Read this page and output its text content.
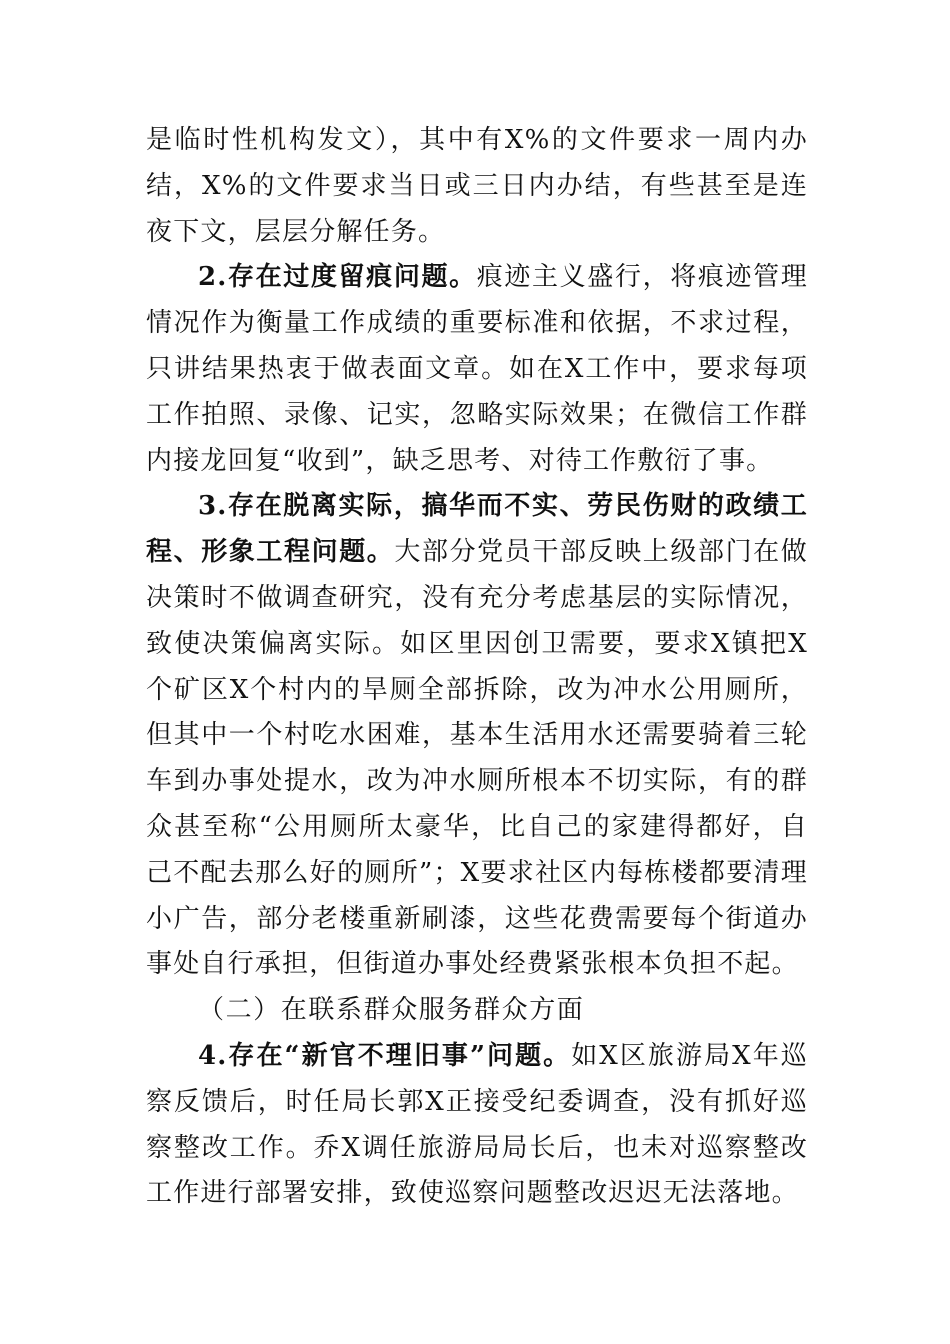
是临时性机构发文），其中有X%的文件要求一周内办结，X%的文件要求当日或三日内办结，有些甚至是连夜下文，层层分解任务。

2.存在过度留痕问题。痕迹主义盛行，将痕迹管理情况作为衡量工作成绩的重要标准和依据，不求过程，只讲结果热衷于做表面文章。如在X工作中，要求每项工作拍照、录像、记实，忽略实际效果；在微信工作群内接龙回复“收到”，缺乏思考、对待工作敷衍了事。

3.存在脱离实际，搞华而不实、劳民伤财的政绩工程、形象工程问题。大部分党员干部反映上级部门在做决策时不做调查研究，没有充分考虑基层的实际情况，致使决策偏离实际。如区里因创卫需要，要求X镇把X个矿区X个村内的旱厕全部拆除，改为冲水公用厕所，但其中一个村吃水困难，基本生活用水还需要骑着三轮车到办事处提水，改为冲水厕所根本不切实际，有的群众甚至称“公用厕所太豪华，比自己的家建得都好，自己不配去那么好的厕所”；X要求社区内每栋楼都要清理小广告，部分老楼重新刷漆，这些花费需要每个街道办事处自行承担，但街道办事处经费紧张根本负担不起。

（二）在联系群众服务群众方面

4.存在“新官不理旧事”问题。如X区旅游局X年巡察反馈后，时任局长郭X正接受纪委调查，没有抓好巡察整改工作。乔X调任旅游局局长后，也未对巡察整改工作进行部署安排，致使巡察问题整改迟迟无法落地。
